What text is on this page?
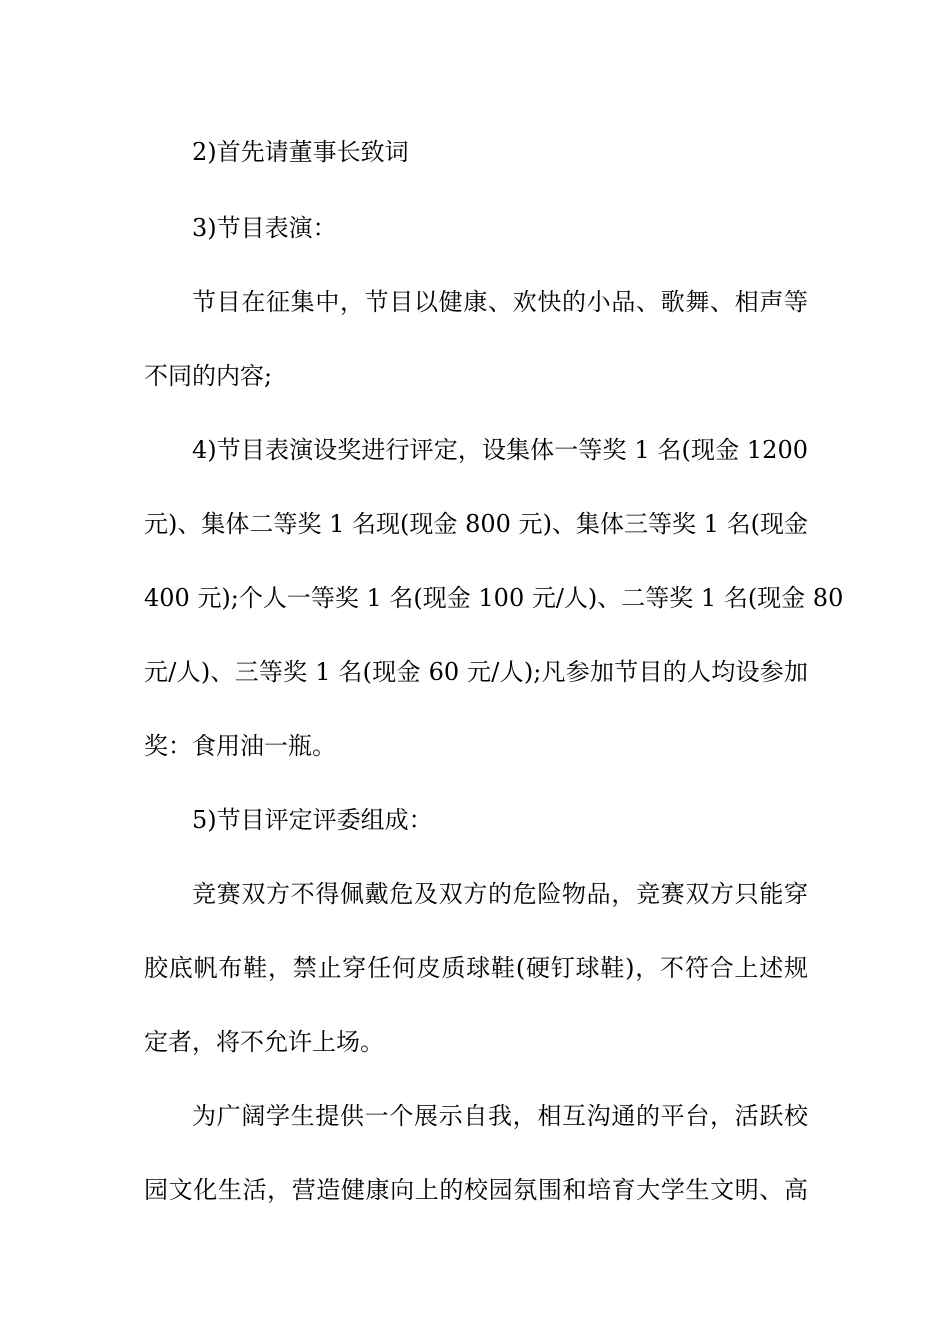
2)首先请董事长致词
3)节目表演：
节目在征集中，节目以健康、欢快的小品、歌舞、相声等
不同的内容;
4)节目表演设奖进行评定，设集体一等奖 1 名(现金 1200
元)、集体二等奖 1 名现(现金 800 元)、集体三等奖 1 名(现金
400 元);个人一等奖 1 名(现金 100 元/人)、二等奖 1 名(现金 80
元/人)、三等奖 1 名(现金 60 元/人);凡参加节目的人均设参加
奖：食用油一瓶。
5)节目评定评委组成：
竞赛双方不得佩戴危及双方的危险物品，竞赛双方只能穿
胶底帆布鞋，禁止穿任何皮质球鞋(硬钉球鞋)，不符合上述规
定者，将不允许上场。
为广阔学生提供一个展示自我，相互沟通的平台，活跃校
园文化生活，营造健康向上的校园氛围和培育大学生文明、高
